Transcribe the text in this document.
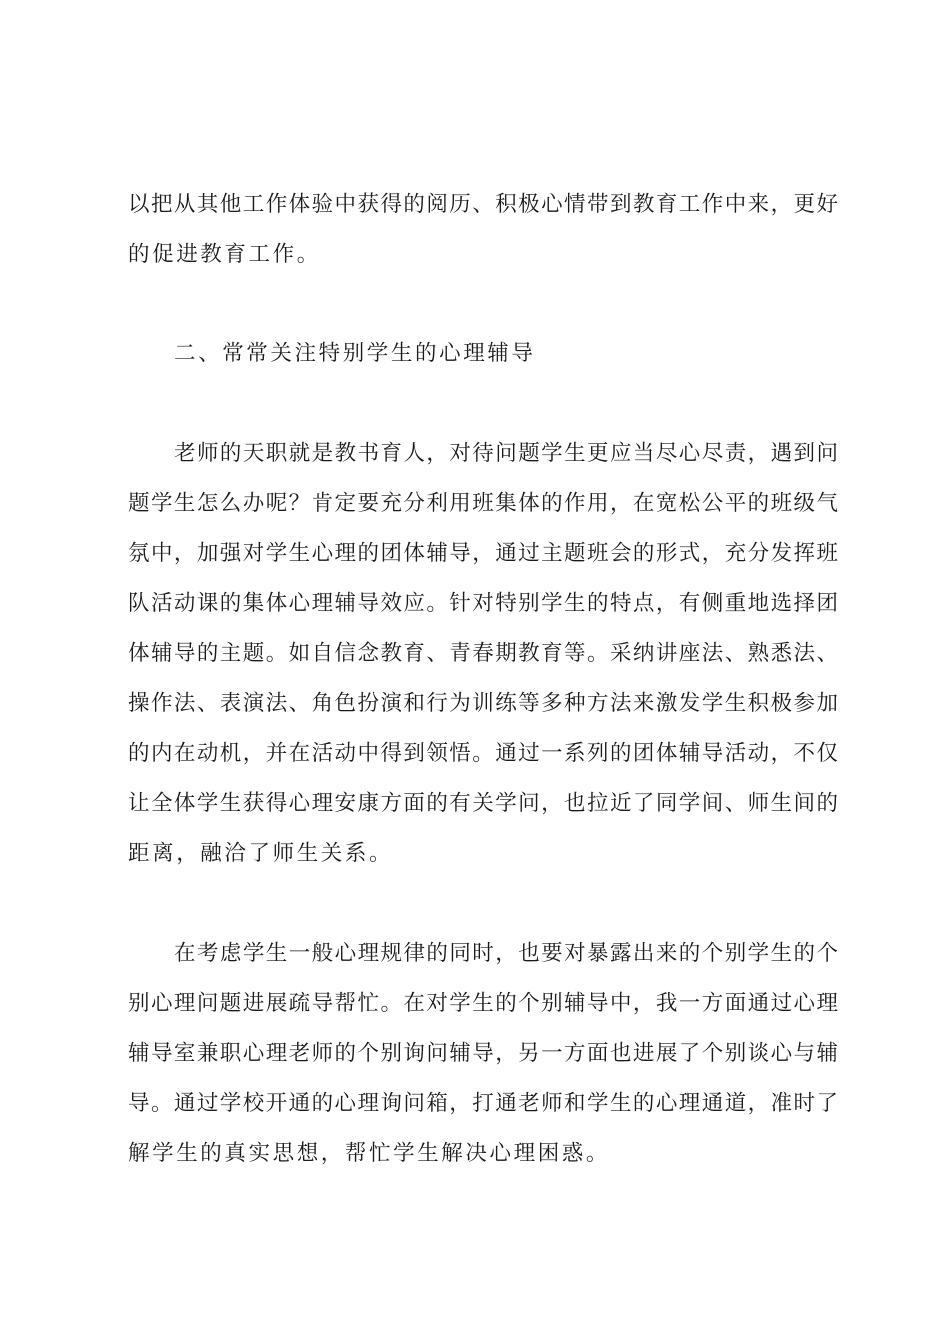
以把从其他工作体验中获得的阅历、积极心情带到教育工作中来，更好
的促进教育工作。
二、常常关注特别学生的心理辅导
老师的天职就是教书育人，对待问题学生更应当尽心尽责，遇到问
题学生怎么办呢？肯定要充分利用班集体的作用，在宽松公平的班级气
氛中，加强对学生心理的团体辅导，通过主题班会的形式，充分发挥班
队活动课的集体心理辅导效应。针对特别学生的特点，有侧重地选择团
体辅导的主题。如自信念教育、青春期教育等。采纳讲座法、熟悉法、
操作法、表演法、角色扮演和行为训练等多种方法来激发学生积极参加
的内在动机，并在活动中得到领悟。通过一系列的团体辅导活动，不仅
让全体学生获得心理安康方面的有关学问，也拉近了同学间、师生间的
距离，融洽了师生关系。
在考虑学生一般心理规律的同时，也要对暴露出来的个别学生的个
别心理问题进展疏导帮忙。在对学生的个别辅导中，我一方面通过心理
辅导室兼职心理老师的个别询问辅导，另一方面也进展了个别谈心与辅
导。通过学校开通的心理询问箱，打通老师和学生的心理通道，准时了
解学生的真实思想，帮忙学生解决心理困惑。
